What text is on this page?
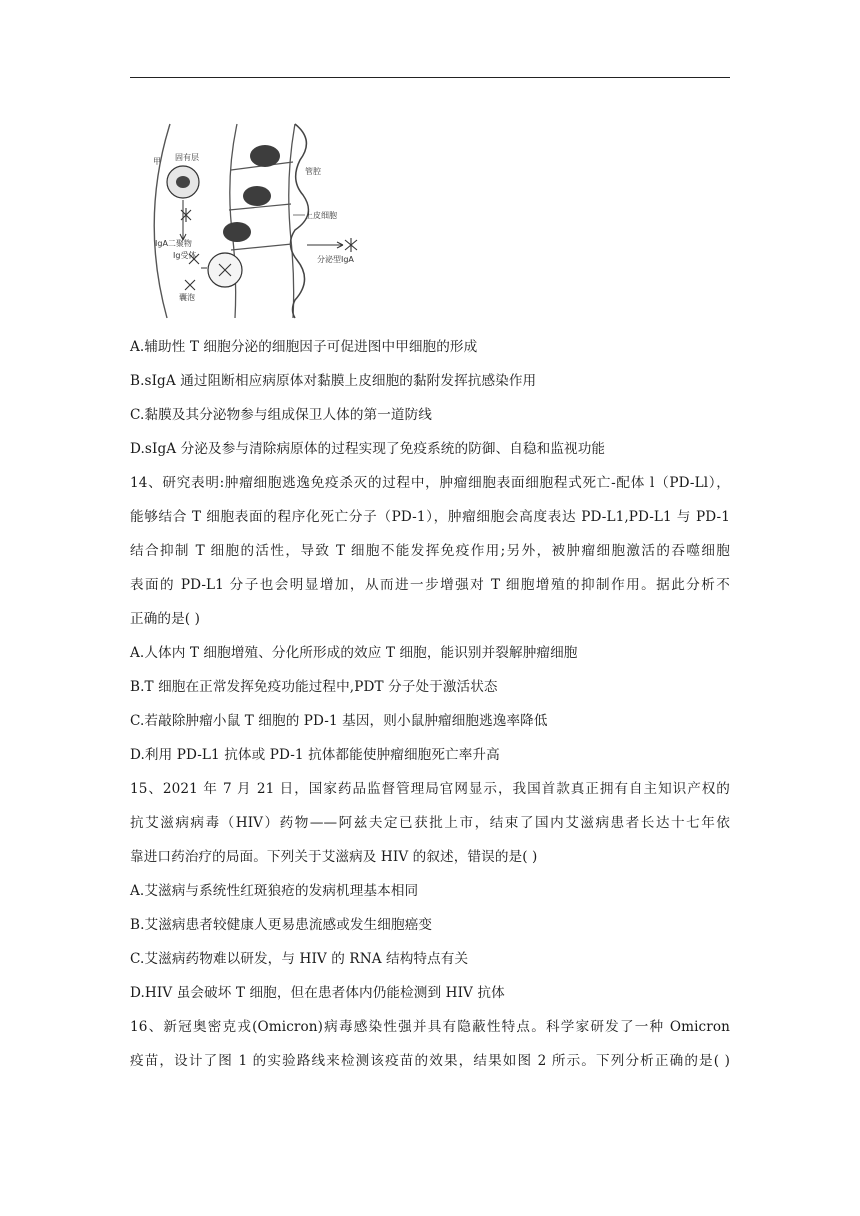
甲 固有层
管腔
上皮细胞
IgA二聚物
Ig受体
囊泡
分泌型IgA
A.辅助性 T 细胞分泌的细胞因子可促进图中甲细胞的形成
B.sIgA 通过阻断相应病原体对黏膜上皮细胞的黏附发挥抗感染作用
C.黏膜及其分泌物参与组成保卫人体的第一道防线
D.sIgA 分泌及参与清除病原体的过程实现了免疫系统的防御、自稳和监视功能
14、研究表明:肿瘤细胞逃逸免疫杀灭的过程中，肿瘤细胞表面细胞程式死亡-配体 l（PD-Ll），
能够结合 T 细胞表面的程序化死亡分子（PD-1），肿瘤细胞会高度表达 PD-L1,PD-L1 与 PD-1
结合抑制 T 细胞的活性，导致 T 细胞不能发挥免疫作用;另外，被肿瘤细胞激活的吞噬细胞
表面的 PD-L1 分子也会明显增加，从而进一步增强对 T 细胞增殖的抑制作用。据此分析不
正确的是( )
A.人体内 T 细胞增殖、分化所形成的效应 T 细胞，能识别并裂解肿瘤细胞
B.T 细胞在正常发挥免疫功能过程中,PDT 分子处于激活状态
C.若敲除肿瘤小鼠 T 细胞的 PD-1 基因，则小鼠肿瘤细胞逃逸率降低
D.利用 PD-L1 抗体或 PD-1 抗体都能使肿瘤细胞死亡率升高
15、2021 年 7 月 21 日，国家药品监督管理局官网显示，我国首款真正拥有自主知识产权的
抗艾滋病病毒（HIV）药物——阿兹夫定已获批上市，结束了国内艾滋病患者长达十七年依
靠进口药治疗的局面。下列关于艾滋病及 HIV 的叙述，错误的是( )
A.艾滋病与系统性红斑狼疮的发病机理基本相同
B.艾滋病患者较健康人更易患流感或发生细胞癌变
C.艾滋病药物难以研发，与 HIV 的 RNA 结构特点有关
D.HIV 虽会破坏 T 细胞，但在患者体内仍能检测到 HIV 抗体
16、新冠奥密克戎(Omicron)病毒感染性强并具有隐蔽性特点。科学家研发了一种 Omicron
疫苗，设计了图 1 的实验路线来检测该疫苗的效果，结果如图 2 所示。下列分析正确的是( )
